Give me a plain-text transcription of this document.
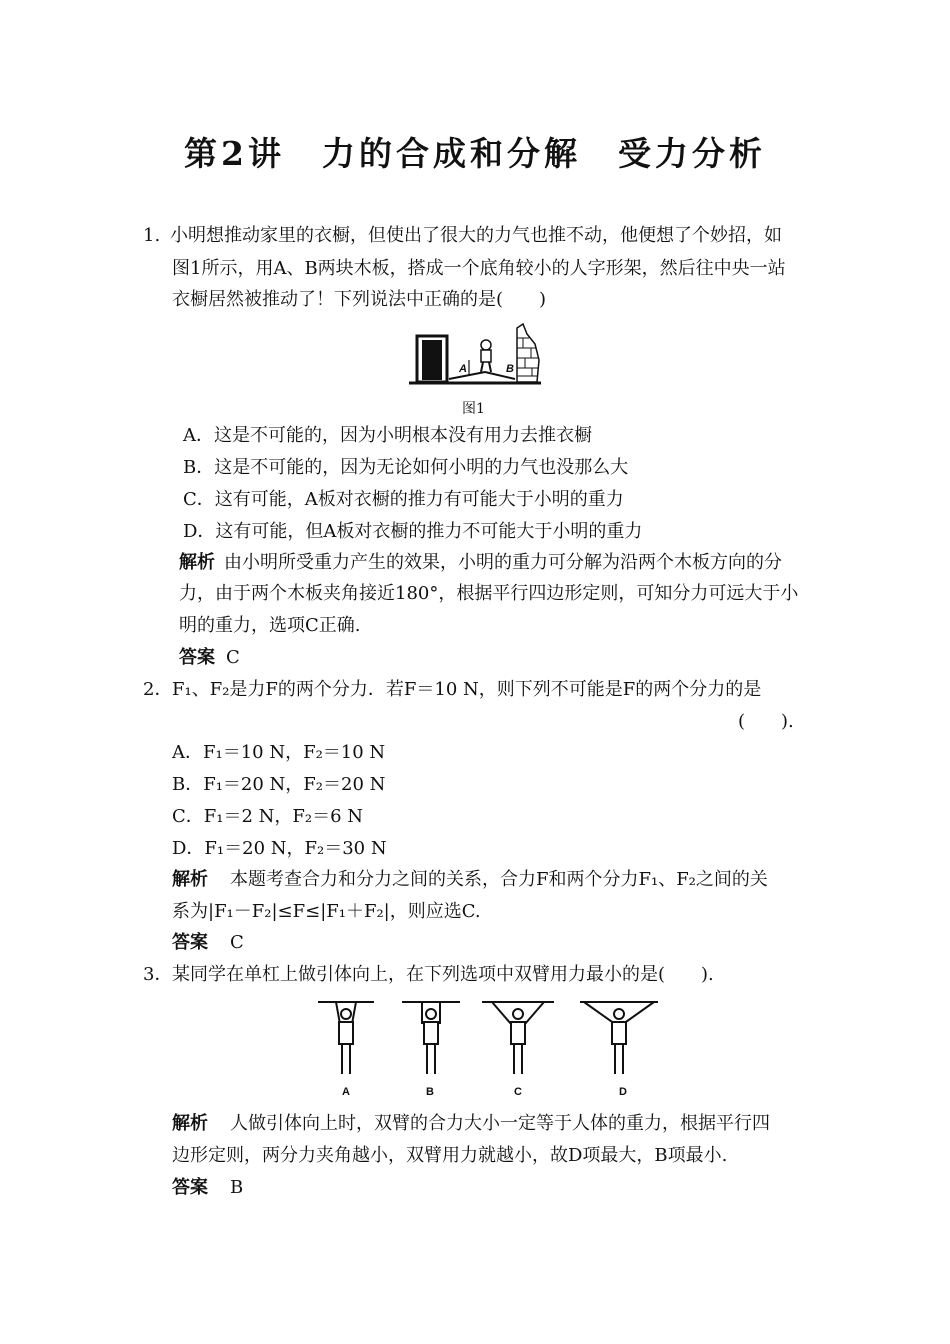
第2讲　力的合成和分解　受力分析
1. 小明想推动家里的衣橱，但使出了很大的力气也推不动，他便想了个妙招，如
图1所示，用A、B两块木板，搭成一个底角较小的人字形架，然后往中央一站
衣橱居然被推动了！下列说法中正确的是(　　)
A	B
图1
A．这是不可能的，因为小明根本没有用力去推衣橱
B．这是不可能的，因为无论如何小明的力气也没那么大
C．这有可能，A板对衣橱的推力有可能大于小明的重力
D．这有可能，但A板对衣橱的推力不可能大于小明的重力
解析 由小明所受重力产生的效果，小明的重力可分解为沿两个木板方向的分
力，由于两个木板夹角接近180°，根据平行四边形定则，可知分力可远大于小
明的重力，选项C正确.
答案 C
2． F₁、F₂是力F的两个分力．若F＝10 N，则下列不可能是F的两个分力的是
(　　).
A．F₁＝10 N，F₂＝10 N
B．F₁＝20 N，F₂＝20 N
C．F₁＝2 N，F₂＝6 N
D．F₁＝20 N，F₂＝30 N
解析 本题考查合力和分力之间的关系，合力F和两个分力F₁、F₂之间的关
系为|F₁－F₂|≤F≤|F₁＋F₂|，则应选C.
答案 C
3． 某同学在单杠上做引体向上，在下列选项中双臂用力最小的是(　　).
A	B	C	D
解析 人做引体向上时，双臂的合力大小一定等于人体的重力，根据平行四
边形定则，两分力夹角越小，双臂用力就越小，故D项最大，B项最小.
答案 B
